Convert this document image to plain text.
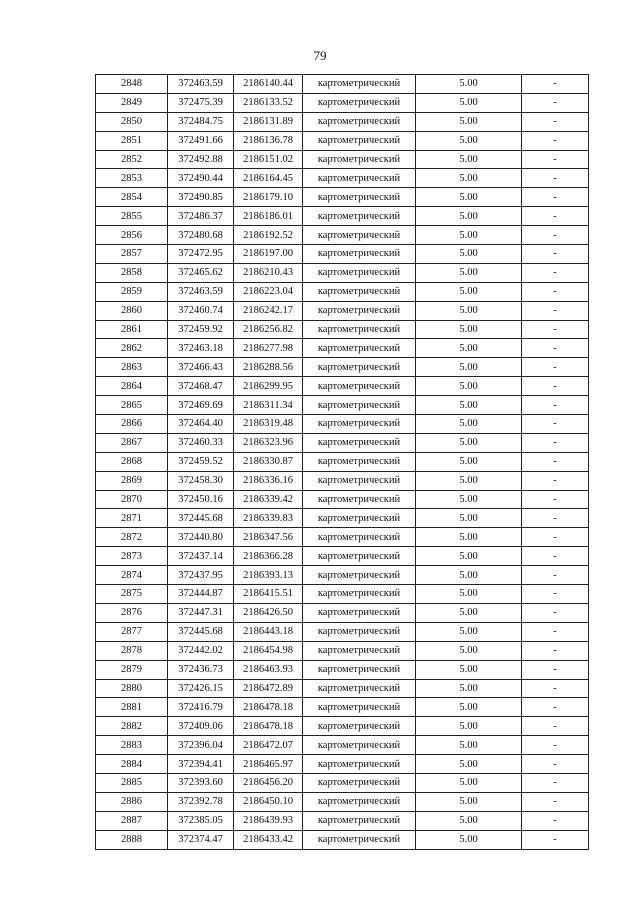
79
2848	372463.59	2186140.44	картометрический	5.00	-
2849	372475.39	2186133.52	картометрический	5.00	-
2850	372484.75	2186131.89	картометрический	5.00	-
2851	372491.66	2186136.78	картометрический	5.00	-
2852	372492.88	2186151.02	картометрический	5.00	-
2853	372490.44	2186164.45	картометрический	5.00	-
2854	372490.85	2186179.10	картометрический	5.00	-
2855	372486.37	2186186.01	картометрический	5.00	-
2856	372480.68	2186192.52	картометрический	5.00	-
2857	372472.95	2186197.00	картометрический	5.00	-
2858	372465.62	2186210.43	картометрический	5.00	-
2859	372463.59	2186223.04	картометрический	5.00	-
2860	372460.74	2186242.17	картометрический	5.00	-
2861	372459.92	2186256.82	картометрический	5.00	-
2862	372463.18	2186277.98	картометрический	5.00	-
2863	372466.43	2186288.56	картометрический	5.00	-
2864	372468.47	2186299.95	картометрический	5.00	-
2865	372469.69	2186311.34	картометрический	5.00	-
2866	372464.40	2186319.48	картометрический	5.00	-
2867	372460.33	2186323.96	картометрический	5.00	-
2868	372459.52	2186330.87	картометрический	5.00	-
2869	372458.30	2186336.16	картометрический	5.00	-
2870	372450.16	2186339.42	картометрический	5.00	-
2871	372445.68	2186339.83	картометрический	5.00	-
2872	372440.80	2186347.56	картометрический	5.00	-
2873	372437.14	2186366.28	картометрический	5.00	-
2874	372437.95	2186393.13	картометрический	5.00	-
2875	372444.87	2186415.51	картометрический	5.00	-
2876	372447.31	2186426.50	картометрический	5.00	-
2877	372445.68	2186443.18	картометрический	5.00	-
2878	372442.02	2186454.98	картометрический	5.00	-
2879	372436.73	2186463.93	картометрический	5.00	-
2880	372426.15	2186472.89	картометрический	5.00	-
2881	372416.79	2186478.18	картометрический	5.00	-
2882	372409.06	2186478.18	картометрический	5.00	-
2883	372396.04	2186472.07	картометрический	5.00	-
2884	372394.41	2186465.97	картометрический	5.00	-
2885	372393.60	2186456.20	картометрический	5.00	-
2886	372392.78	2186450.10	картометрический	5.00	-
2887	372385.05	2186439.93	картометрический	5.00	-
2888	372374.47	2186433.42	картометрический	5.00	-
